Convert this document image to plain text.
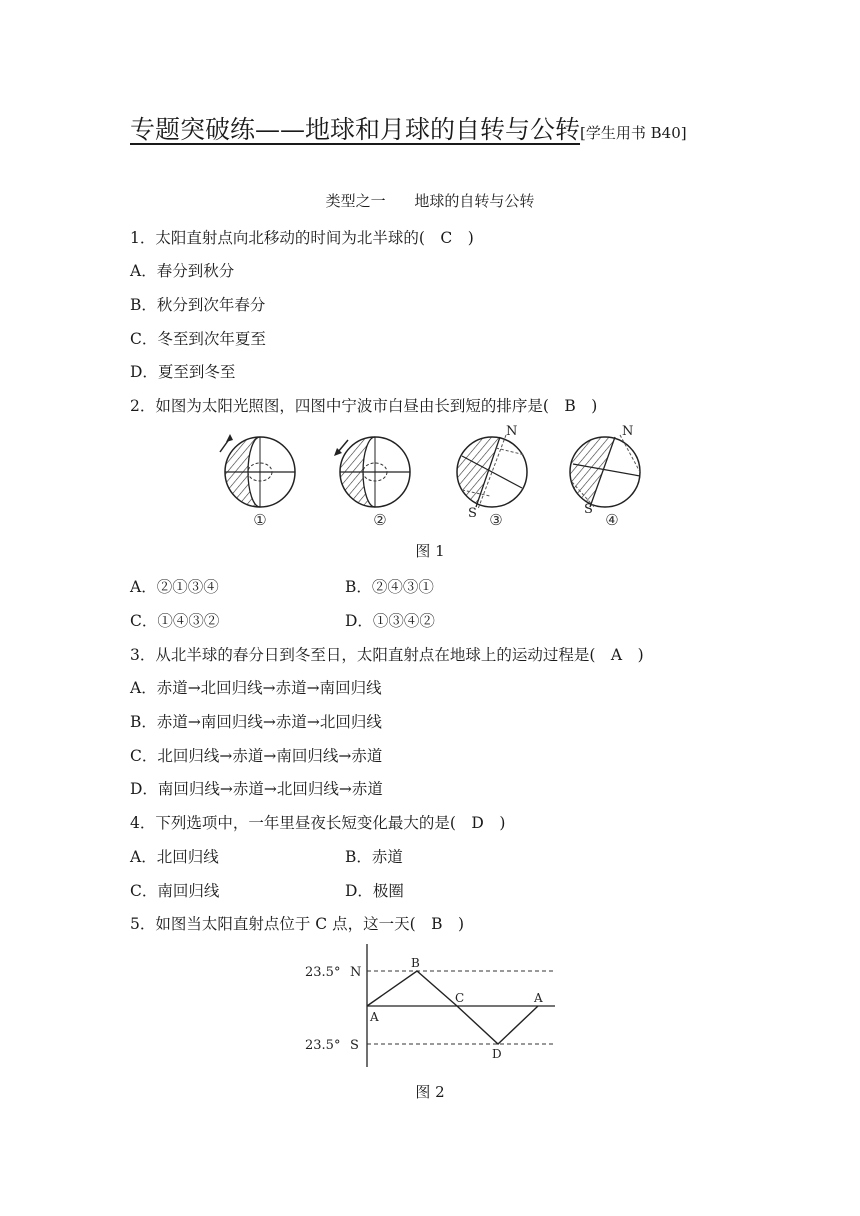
专题突破练——地球和月球的自转与公转[学生用书 B40]
类型之一 地球的自转与公转
1．太阳直射点向北移动的时间为北半球的(　C　)
A．春分到秋分
B．秋分到次年春分
C．冬至到次年夏至
D．夏至到冬至
2．如图为太阳光照图，四图中宁波市白昼由长到短的排序是(　B　)
①	②
N
S ③
N
S
④
图 1
A．②①③④	B．②④③①
C．①④③②	D．①③④②
3．从北半球的春分日到冬至日，太阳直射点在地球上的运动过程是(　A　)
A．赤道→北回归线→赤道→南回归线
B．赤道→南回归线→赤道→北回归线
C．北回归线→赤道→南回归线→赤道
D．南回归线→赤道→北回归线→赤道
4．下列选项中，一年里昼夜长短变化最大的是(　D　)
A．北回归线	B．赤道
C．南回归线	D．极圈
5．如图当太阳直射点位于 C 点，这一天(　B　)
23.5° N
23.5° S
A
B
C
D
A
图 2
